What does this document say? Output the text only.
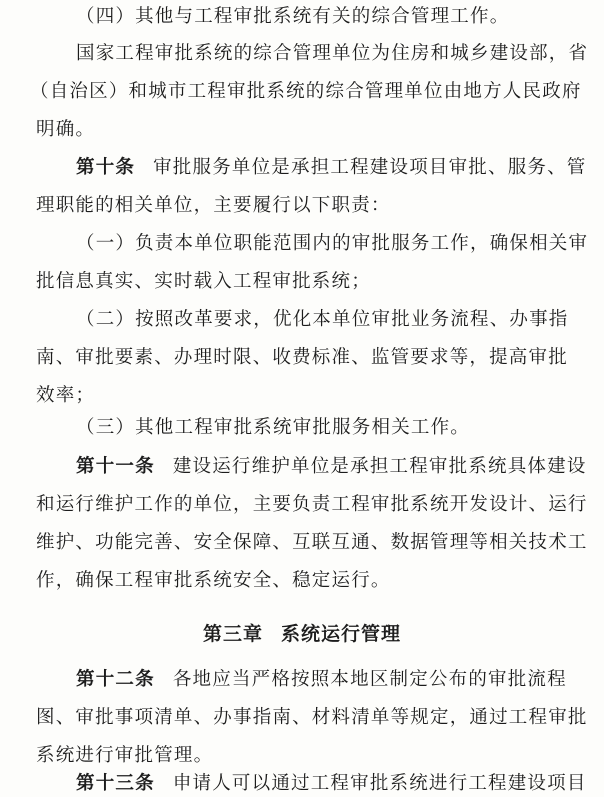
（四）其他与工程审批系统有关的综合管理工作。
国家工程审批系统的综合管理单位为住房和城乡建设部，省
（自治区）和城市工程审批系统的综合管理单位由地方人民政府
明确。
第十条 审批服务单位是承担工程建设项目审批、服务、管
理职能的相关单位，主要履行以下职责：
（一）负责本单位职能范围内的审批服务工作，确保相关审
批信息真实、实时载入工程审批系统；
（二）按照改革要求，优化本单位审批业务流程、办事指
南、审批要素、办理时限、收费标准、监管要求等，提高审批
效率；
（三）其他工程审批系统审批服务相关工作。
第十一条 建设运行维护单位是承担工程审批系统具体建设
和运行维护工作的单位，主要负责工程审批系统开发设计、运行
维护、功能完善、安全保障、互联互通、数据管理等相关技术工
作，确保工程审批系统安全、稳定运行。
第三章 系统运行管理
第十二条 各地应当严格按照本地区制定公布的审批流程
图、审批事项清单、办事指南、材料清单等规定，通过工程审批
系统进行审批管理。
第十三条 申请人可以通过工程审批系统进行工程建设项目
